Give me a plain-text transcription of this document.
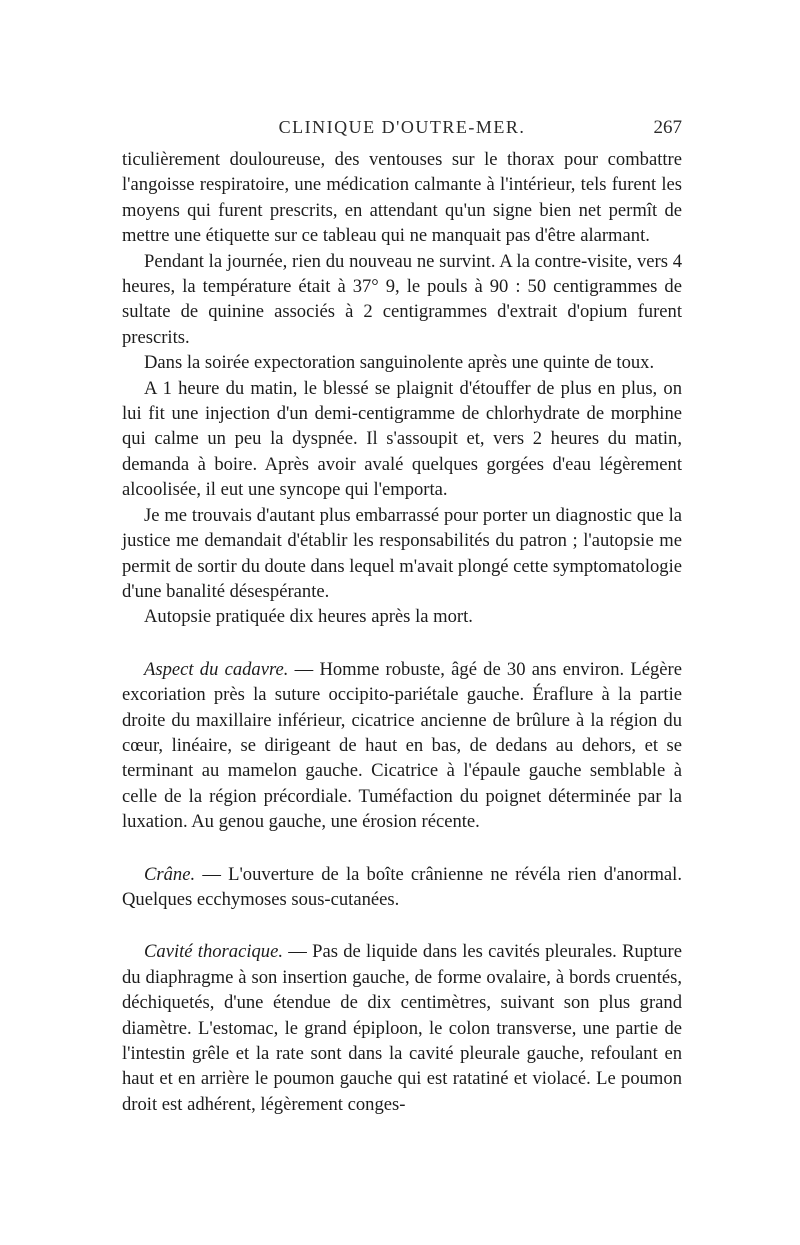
CLINIQUE D'OUTRE-MER.	267

ticulièrement douloureuse, des ventouses sur le thorax pour combattre l'angoisse respiratoire, une médication calmante à l'intérieur, tels furent les moyens qui furent prescrits, en attendant qu'un signe bien net permît de mettre une étiquette sur ce tableau qui ne manquait pas d'être alarmant.

Pendant la journée, rien du nouveau ne survint. A la contre-visite, vers 4 heures, la température était à 37° 9, le pouls à 90 : 50 centigrammes de sultate de quinine associés à 2 centigrammes d'extrait d'opium furent prescrits.

Dans la soirée expectoration sanguinolente après une quinte de toux.

A 1 heure du matin, le blessé se plaignit d'étouffer de plus en plus, on lui fit une injection d'un demi-centigramme de chlorhydrate de morphine qui calme un peu la dyspnée. Il s'assoupit et, vers 2 heures du matin, demanda à boire. Après avoir avalé quelques gorgées d'eau légèrement alcoolisée, il eut une syncope qui l'emporta.

Je me trouvais d'autant plus embarrassé pour porter un diagnostic que la justice me demandait d'établir les responsabilités du patron ; l'autopsie me permit de sortir du doute dans lequel m'avait plongé cette symptomatologie d'une banalité désespérante.

Autopsie pratiquée dix heures après la mort.

Aspect du cadavre. — Homme robuste, âgé de 30 ans environ. Légère excoriation près la suture occipito-pariétale gauche. Éraflure à la partie droite du maxillaire inférieur, cicatrice ancienne de brûlure à la région du cœur, linéaire, se dirigeant de haut en bas, de dedans au dehors, et se terminant au mamelon gauche. Cicatrice à l'épaule gauche semblable à celle de la région précordiale. Tuméfaction du poignet déterminée par la luxation. Au genou gauche, une érosion récente.

Crâne. — L'ouverture de la boîte crânienne ne révéla rien d'anormal. Quelques ecchymoses sous-cutanées.

Cavité thoracique. — Pas de liquide dans les cavités pleurales. Rupture du diaphragme à son insertion gauche, de forme ovalaire, à bords cruentés, déchiquetés, d'une étendue de dix centimètres, suivant son plus grand diamètre. L'estomac, le grand épiploon, le colon transverse, une partie de l'intestin grêle et la rate sont dans la cavité pleurale gauche, refoulant en haut et en arrière le poumon gauche qui est ratatiné et violacé. Le poumon droit est adhérent, légèrement conges-
